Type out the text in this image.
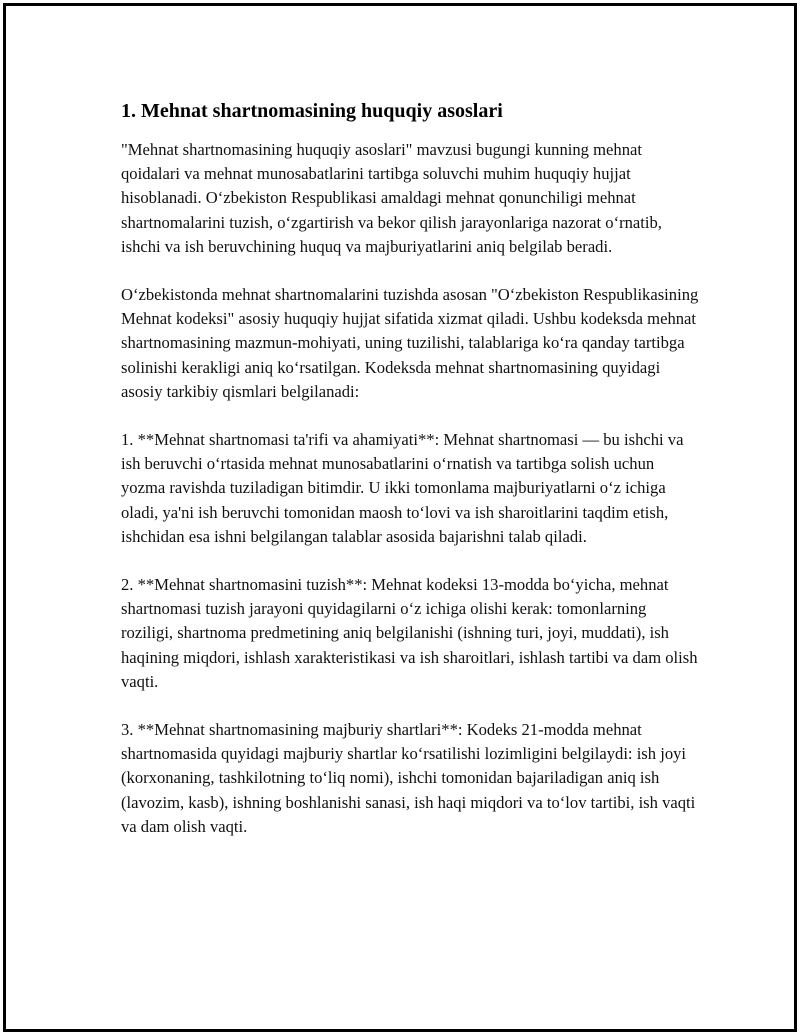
1. Mehnat shartnomasining huquqiy asoslari

"Mehnat shartnomasining huquqiy asoslari" mavzusi bugungi kunning mehnat qoidalari va mehnat munosabatlarini tartibga soluvchi muhim huquqiy hujjat hisoblanadi. O‘zbekiston Respublikasi amaldagi mehnat qonunchiligi mehnat shartnomalarini tuzish, o‘zgartirish va bekor qilish jarayonlariga nazorat o‘rnatib, ishchi va ish beruvchining huquq va majburiyatlarini aniq belgilab beradi.

O‘zbekistonda mehnat shartnomalarini tuzishda asosan "O‘zbekiston Respublikasining Mehnat kodeksi" asosiy huquqiy hujjat sifatida xizmat qiladi. Ushbu kodeksda mehnat shartnomasining mazmun-mohiyati, uning tuzilishi, talablariga ko‘ra qanday tartibga solinishi kerakligi aniq ko‘rsatilgan. Kodeksda mehnat shartnomasining quyidagi asosiy tarkibiy qismlari belgilanadi:

1. **Mehnat shartnomasi ta'rifi va ahamiyati**: Mehnat shartnomasi — bu ishchi va ish beruvchi o‘rtasida mehnat munosabatlarini o‘rnatish va tartibga solish uchun yozma ravishda tuziladigan bitimdir. U ikki tomonlama majburiyatlarni o‘z ichiga oladi, ya'ni ish beruvchi tomonidan maosh to‘lovi va ish sharoitlarini taqdim etish, ishchidan esa ishni belgilangan talablar asosida bajarishni talab qiladi.

2. **Mehnat shartnomasini tuzish**: Mehnat kodeksi 13-modda bo‘yicha, mehnat shartnomasi tuzish jarayoni quyidagilarni o‘z ichiga olishi kerak: tomonlarning roziligi, shartnoma predmetining aniq belgilanishi (ishning turi, joyi, muddati), ish haqining miqdori, ishlash xarakteristikasi va ish sharoitlari, ishlash tartibi va dam olish vaqti.

3. **Mehnat shartnomasining majburiy shartlari**: Kodeks 21-modda mehnat shartnomasida quyidagi majburiy shartlar ko‘rsatilishi lozimligini belgilaydi: ish joyi (korxonaning, tashkilotning to‘liq nomi), ishchi tomonidan bajariladigan aniq ish (lavozim, kasb), ishning boshlanishi sanasi, ish haqi miqdori va to‘lov tartibi, ish vaqti va dam olish vaqti.
